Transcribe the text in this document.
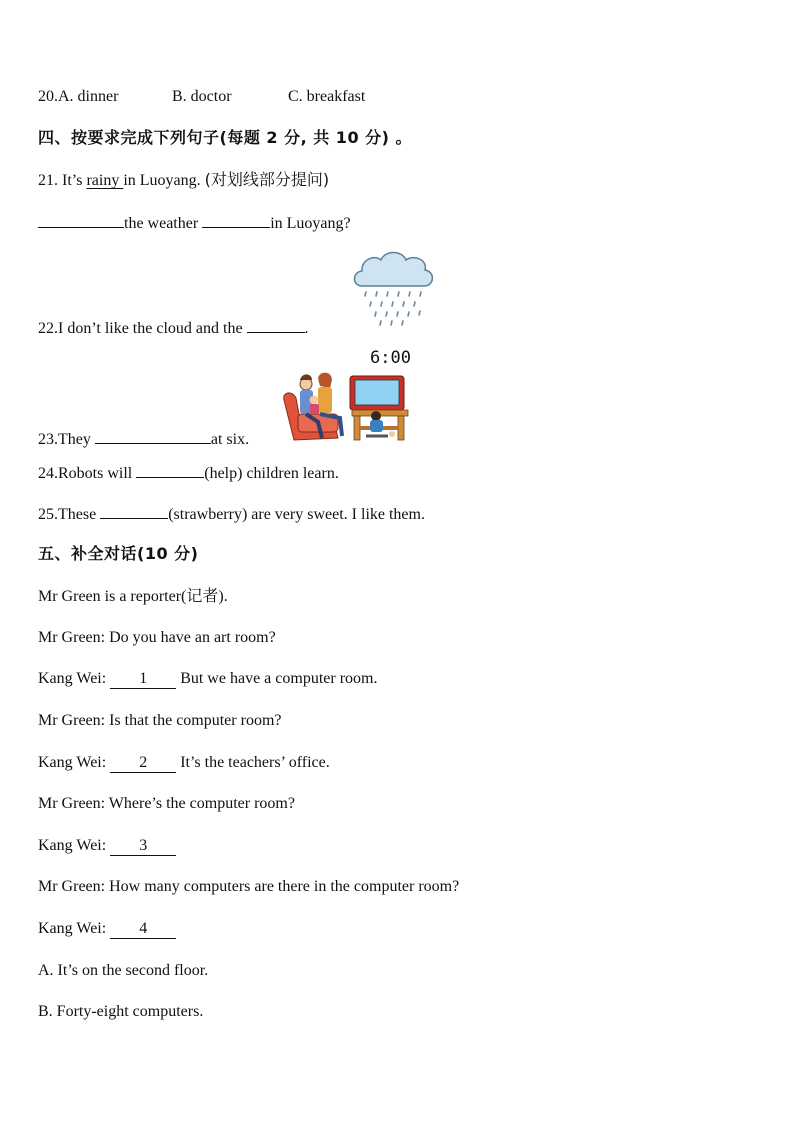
20.A. dinner	B. doctor	C. breakfast
四、按要求完成下列句子(每题 2 分, 共 10 分) 。
21. It’s rainy in Luoyang. (对划线部分提问)
the weather	in Luoyang?
22.I don’t like the cloud and the	.
6:00
23.They	at six.
24.Robots will	(help) children learn.
25.These	(strawberry) are very sweet. I like them.
五、补全对话(10 分)
Mr Green is a reporter(记者).
Mr Green: Do you have an art room?
Kang Wei: 1 But we have a computer room.
Mr Green: Is that the computer room?
Kang Wei: 2 It’s the teachers’ office.
Mr Green: Where’s the computer room?
Kang Wei: 3
Mr Green: How many computers are there in the computer room?
Kang Wei: 4
A. It’s on the second floor.
B. Forty-eight computers.
